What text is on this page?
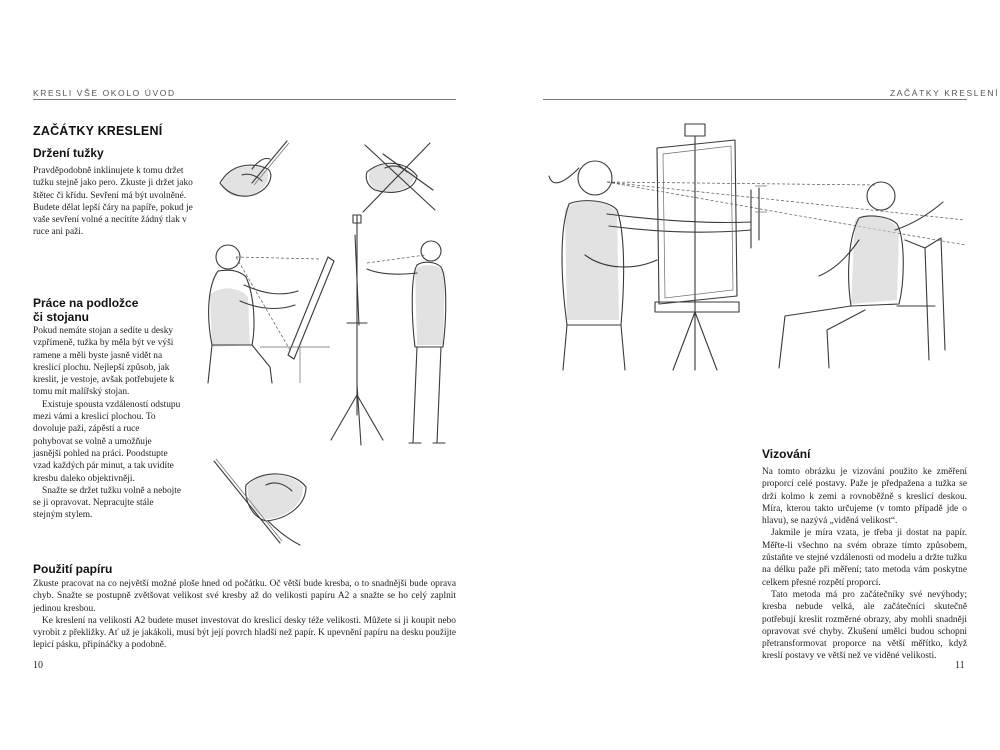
KRESLI VŠE OKOLO ÚVOD
ZAČÁTKY KRESLENÍ
Držení tužky

Pravděpodobně inklinujete k tomu držet tužku stejně jako pero. Zkuste ji držet jako štětec či křídu. Sevření má být uvolněné. Budete dělat lepší čáry na papíře, pokud je vaše sevření volné a necítíte žádný tlak v ruce ani paži.

Práce na podložce
či stojanu

Pokud nemáte stojan a sedíte u desky vzpřímeně, tužka by měla být ve výši ramene a měli byste jasně vidět na kreslicí plochu. Nejlepší způsob, jak kreslit, je vestoje, avšak potřebujete k tomu mít malířský stojan.

Existuje spousta vzdáleností odstupu mezi vámi a kreslicí plochou. To dovoluje paži, zápěstí a ruce pohybovat se volně a umožňuje jasnější pohled na práci. Poodstupte vzad každých pár minut, a tak uvidíte kresbu daleko objektivněji.

Snažte se držet tužku volně a nebojte se ji opravovat. Nepracujte stále stejným stylem.

Použití papíru

Zkuste pracovat na co největší možné ploše hned od počátku. Oč větší bude kresba, o to snadnější bude oprava chyb. Snažte se postupně zvětšovat velikost své kresby až do velikosti papíru A2 a snažte se ho celý zaplnit jedinou kresbou.

Ke kreslení na velikosti A2 budete muset investovat do kreslicí desky téže velikosti. Můžete si ji koupit nebo vyrobit z překližky. Ať už je jakákoli, musí být její povrch hladší než papír. K upevnění papíru na desku použijte lepicí pásku, připínáčky a podobně.

10
ZAČÁTKY KRESLENÍ
Vizování

Na tomto obrázku je vizování použito ke změření proporcí celé postavy. Paže je předpažena a tužka se drží kolmo k zemi a rovnoběžně s kreslicí deskou. Míra, kterou takto určujeme (v tomto případě jde o hlavu), se nazývá „viděná velikost“.

Jakmile je míra vzata, je třeba ji dostat na papír. Měřte-li všechno na svém obraze tímto způsobem, zůstaňte ve stejné vzdálenosti od modelu a držte tužku na délku paže při měření; tato metoda vám poskytne celkem přesné rozpětí proporcí.

Tato metoda má pro začátečníky své nevýhody; kresba nebude velká, ale začátečníci skutečně potřebují kreslit rozměrné obrazy, aby mohli snadněji opravovat své chyby. Zkušení umělci budou schopni přetransformovat proporce na větší měřítko, když kreslí postavy ve větší než ve viděné velikosti.

11
